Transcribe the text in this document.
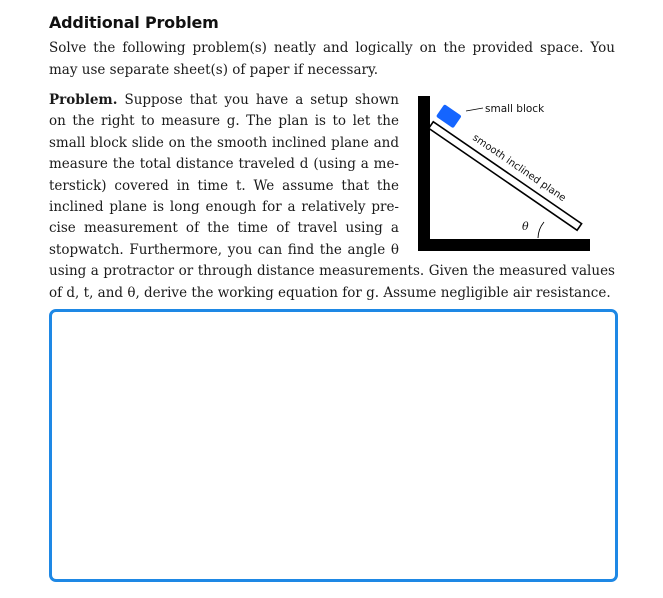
Additional Problem

Solve the following problem(s) neatly and logically on the provided space. You may use separate sheet(s) of paper if necessary.

Problem. Suppose that you have a setup shown on the right to measure g. The plan is to let the small block slide on the smooth inclined plane and measure the total distance traveled d (using a me-terstick) covered in time t. We assume that the inclined plane is long enough for a relatively pre-cise measurement of the time of travel using a stopwatch. Furthermore, you can find the angle θ

using a protractor or through distance measurements. Given the measured values of d, t, and θ, derive the working equation for g. Assume negligible air resistance.

small block
smooth inclined plane
θ
